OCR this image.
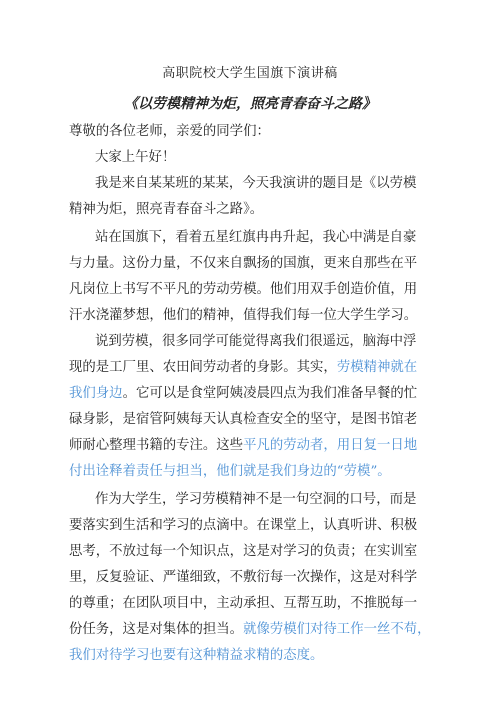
高职院校大学生国旗下演讲稿
《以劳模精神为炬，照亮青春奋斗之路》
尊敬的各位老师，亲爱的同学们：
大家上午好！
我是来自某某班的某某，今天我演讲的题目是《以劳模
精神为炬，照亮青春奋斗之路》。
站在国旗下，看着五星红旗冉冉升起，我心中满是自豪
与力量。这份力量，不仅来自飘扬的国旗，更来自那些在平
凡岗位上书写不平凡的劳动劳模。他们用双手创造价值，用
汗水浇灌梦想，他们的精神，值得我们每一位大学生学习。
说到劳模，很多同学可能觉得离我们很遥远，脑海中浮
现的是工厂里、农田间劳动者的身影。其实，劳模精神就在
我们身边。它可以是食堂阿姨凌晨四点为我们准备早餐的忙
碌身影，是宿管阿姨每天认真检查安全的坚守，是图书馆老
师耐心整理书籍的专注。这些平凡的劳动者，用日复一日地
付出诠释着责任与担当，他们就是我们身边的“劳模”。
作为大学生，学习劳模精神不是一句空洞的口号，而是
要落实到生活和学习的点滴中。在课堂上，认真听讲、积极
思考，不放过每一个知识点，这是对学习的负责；在实训室
里，反复验证、严谨细致，不敷衍每一次操作，这是对科学
的尊重；在团队项目中，主动承担、互帮互助，不推脱每一
份任务，这是对集体的担当。就像劳模们对待工作一丝不苟，
我们对待学习也要有这种精益求精的态度。
